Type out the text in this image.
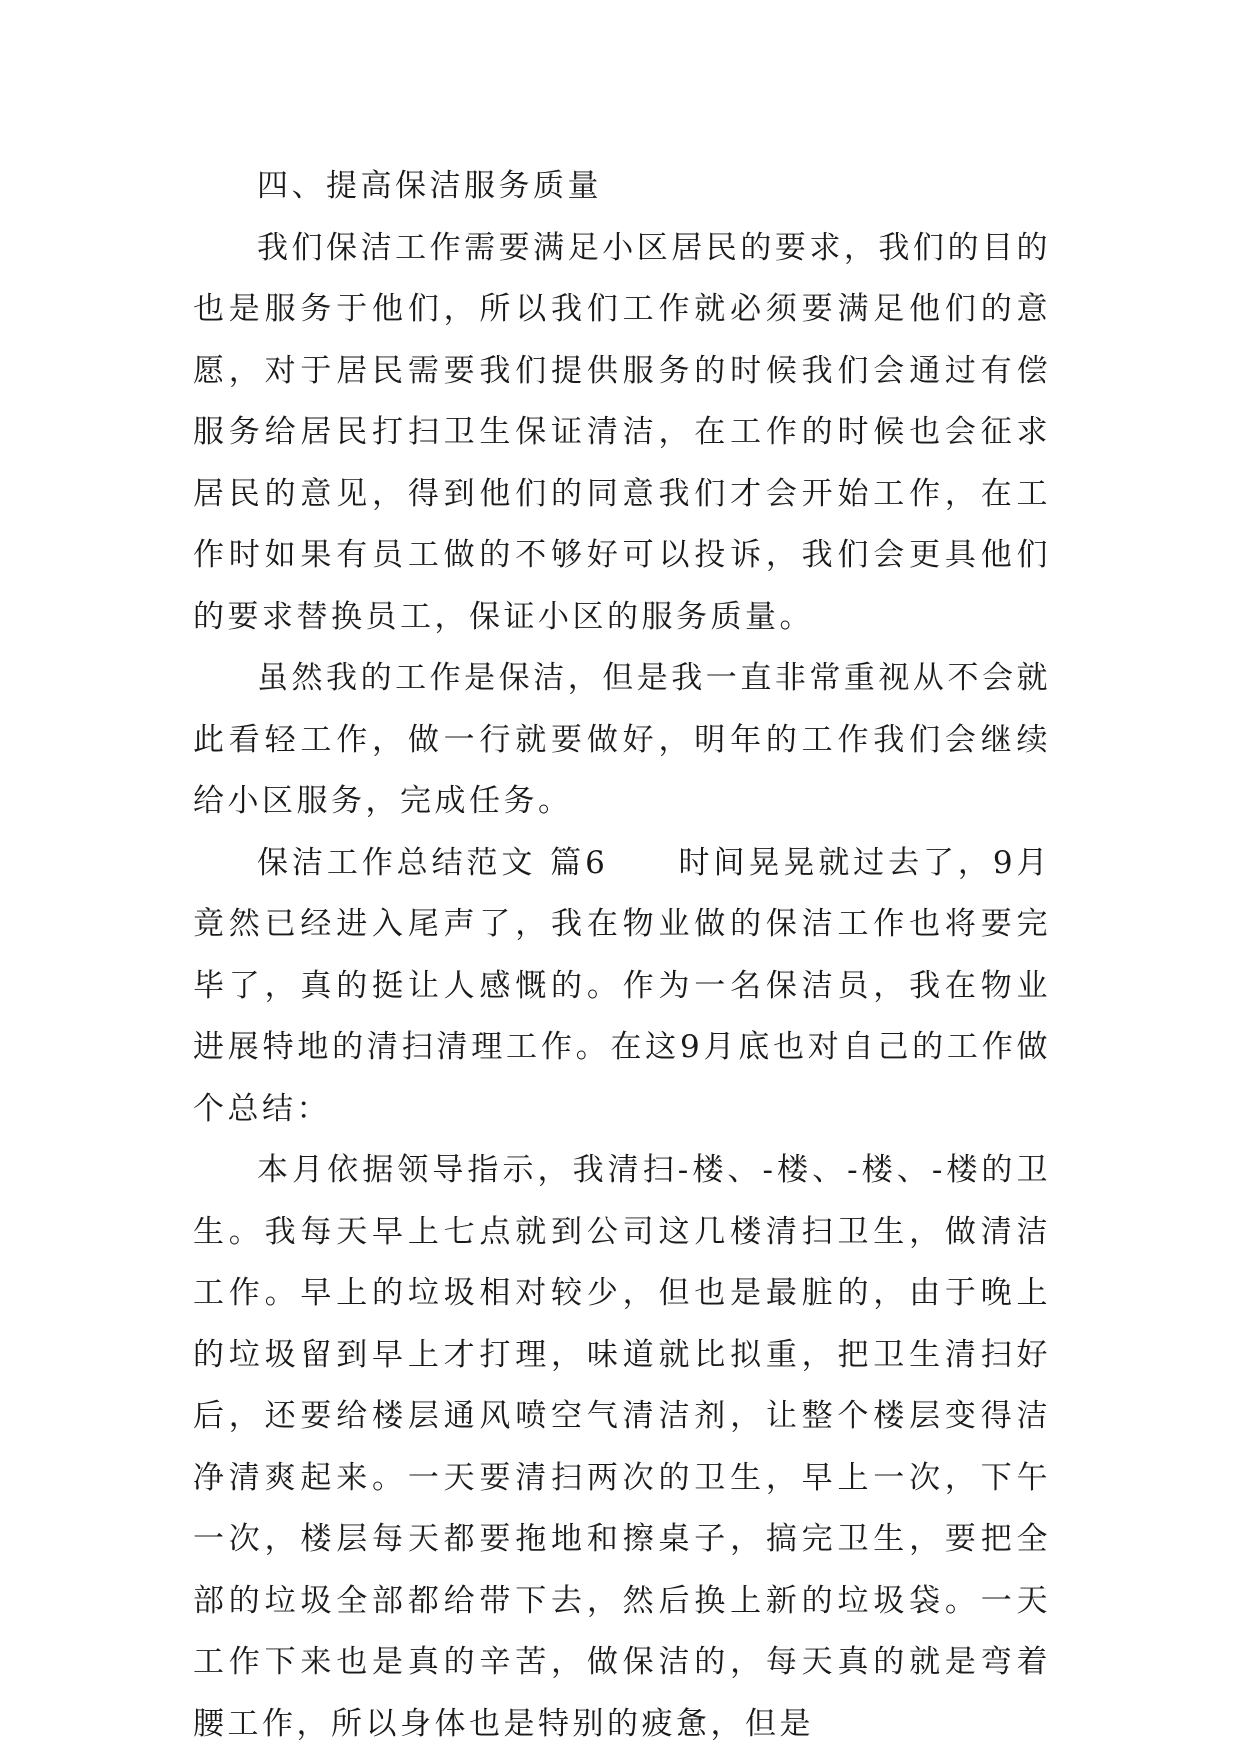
四、提高保洁服务质量

我们保洁工作需要满足小区居民的要求，我们的目的也是服务于他们，所以我们工作就必须要满足他们的意愿，对于居民需要我们提供服务的时候我们会通过有偿服务给居民打扫卫生保证清洁，在工作的时候也会征求居民的意见，得到他们的同意我们才会开始工作，在工作时如果有员工做的不够好可以投诉，我们会更具他们的要求替换员工，保证小区的服务质量。

虽然我的工作是保洁，但是我一直非常重视从不会就此看轻工作，做一行就要做好，明年的工作我们会继续给小区服务，完成任务。

保洁工作总结范文 篇6　　时间晃晃就过去了，9月竟然已经进入尾声了，我在物业做的保洁工作也将要完毕了，真的挺让人感慨的。作为一名保洁员，我在物业进展特地的清扫清理工作。在这9月底也对自己的工作做个总结：

本月依据领导指示，我清扫-楼、-楼、-楼、-楼的卫生。我每天早上七点就到公司这几楼清扫卫生，做清洁工作。早上的垃圾相对较少，但也是最脏的，由于晚上的垃圾留到早上才打理，味道就比拟重，把卫生清扫好后，还要给楼层通风喷空气清洁剂，让整个楼层变得洁净清爽起来。一天要清扫两次的卫生，早上一次，下午一次，楼层每天都要拖地和擦桌子，搞完卫生，要把全部的垃圾全部都给带下去，然后换上新的垃圾袋。一天工作下来也是真的辛苦，做保洁的，每天真的就是弯着腰工作，所以身体也是特别的疲惫，但是
